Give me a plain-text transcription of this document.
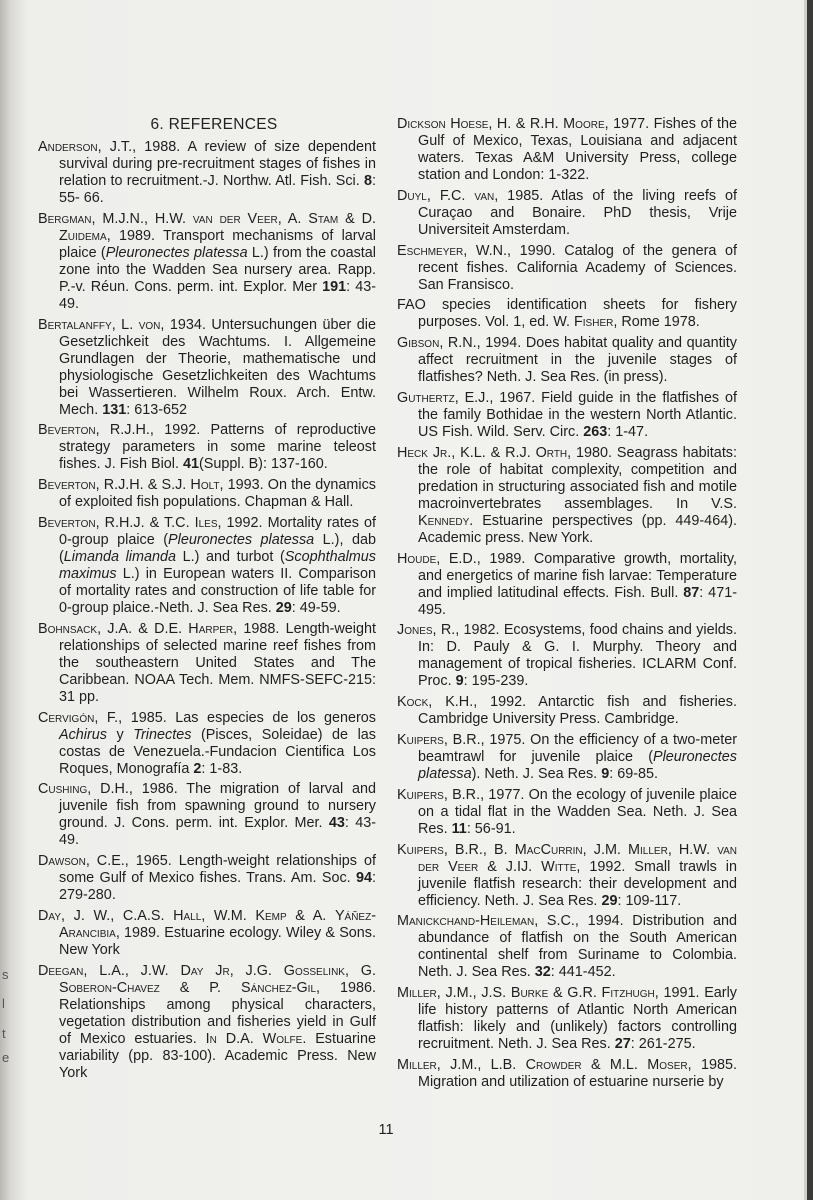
s
l
t
e
6. REFERENCES
Anderson, J.T., 1988. A review of size dependent survival during pre-recruitment stages of fishes in relation to recruitment.-J. Northw. Atl. Fish. Sci. 8: 55- 66.
Bergman, M.J.N., H.W. van der Veer, A. Stam & D. Zuidema, 1989. Transport mechanisms of larval plaice (Pleuronectes platessa L.) from the coastal zone into the Wadden Sea nursery area. Rapp. P.-v. Réun. Cons. perm. int. Explor. Mer 191: 43-49.
Bertalanffy, L. von, 1934. Untersuchungen über die Gesetzlichkeit des Wachtums. I. Allgemeine Grundlagen der Theorie, mathematische und physiologische Gesetzlichkeiten des Wachtums bei Wassertieren. Wilhelm Roux. Arch. Entw. Mech. 131: 613-652
Beverton, R.J.H., 1992. Patterns of reproductive strategy parameters in some marine teleost fishes. J. Fish Biol. 41(Suppl. B): 137-160.
Beverton, R.J.H. & S.J. Holt, 1993. On the dynamics of exploited fish populations. Chapman & Hall.
Beverton, R.H.J. & T.C. Iles, 1992. Mortality rates of 0-group plaice (Pleuronectes platessa L.), dab (Limanda limanda L.) and turbot (Scophthalmus maximus L.) in European waters II. Comparison of mortality rates and construction of life table for 0-group plaice.-Neth. J. Sea Res. 29: 49-59.
Bohnsack, J.A. & D.E. Harper, 1988. Length-weight relationships of selected marine reef fishes from the southeastern United States and The Caribbean. NOAA Tech. Mem. NMFS-SEFC-215: 31 pp.
Cervigón, F., 1985. Las especies de los generos Achirus y Trinectes (Pisces, Soleidae) de las costas de Venezuela.-Fundacion Cientifica Los Roques, Monografía 2: 1-83.
Cushing, D.H., 1986. The migration of larval and juvenile fish from spawning ground to nursery ground. J. Cons. perm. int. Explor. Mer. 43: 43-49.
Dawson, C.E., 1965. Length-weight relationships of some Gulf of Mexico fishes. Trans. Am. Soc. 94: 279-280.
Day, J. W., C.A.S. Hall, W.M. Kemp & A. Yáñez-Arancibia, 1989. Estuarine ecology. Wiley & Sons. New York
Deegan, L.A., J.W. Day Jr, J.G. Gosselink, G. Soberon-Chavez & P. Sánchez-Gil, 1986. Relationships among physical characters, vegetation distribution and fisheries yield in Gulf of Mexico estuaries. In D.A. Wolfe. Estuarine variability (pp. 83-100). Academic Press. New York
Dickson Hoese, H. & R.H. Moore, 1977. Fishes of the Gulf of Mexico, Texas, Louisiana and adjacent waters. Texas A&M University Press, college station and London: 1-322.
Duyl, F.C. van, 1985. Atlas of the living reefs of Curaçao and Bonaire. PhD thesis, Vrije Universiteit Amsterdam.
Eschmeyer, W.N., 1990. Catalog of the genera of recent fishes. California Academy of Sciences. San Fransisco.
FAO species identification sheets for fishery purposes. Vol. 1, ed. W. Fisher, Rome 1978.
Gibson, R.N., 1994. Does habitat quality and quantity affect recruitment in the juvenile stages of flatfishes? Neth. J. Sea Res. (in press).
Guthertz, E.J., 1967. Field guide in the flatfishes of the family Bothidae in the western North Atlantic. US Fish. Wild. Serv. Circ. 263: 1-47.
Heck Jr., K.L. & R.J. Orth, 1980. Seagrass habitats: the role of habitat complexity, competition and predation in structuring associated fish and motile macroinvertebrates assemblages. In V.S. Kennedy. Estuarine perspectives (pp. 449-464). Academic press. New York.
Houde, E.D., 1989. Comparative growth, mortality, and energetics of marine fish larvae: Temperature and implied latitudinal effects. Fish. Bull. 87: 471-495.
Jones, R., 1982. Ecosystems, food chains and yields. In: D. Pauly & G. I. Murphy. Theory and management of tropical fisheries. ICLARM Conf. Proc. 9: 195-239.
Kock, K.H., 1992. Antarctic fish and fisheries. Cambridge University Press. Cambridge.
Kuipers, B.R., 1975. On the efficiency of a two-meter beamtrawl for juvenile plaice (Pleuronectes platessa). Neth. J. Sea Res. 9: 69-85.
Kuipers, B.R., 1977. On the ecology of juvenile plaice on a tidal flat in the Wadden Sea. Neth. J. Sea Res. 11: 56-91.
Kuipers, B.R., B. MacCurrin, J.M. Miller, H.W. van der Veer & J.IJ. Witte, 1992. Small trawls in juvenile flatfish research: their development and efficiency. Neth. J. Sea Res. 29: 109-117.
Manickchand-Heileman, S.C., 1994. Distribution and abundance of flatfish on the South American continental shelf from Suriname to Colombia. Neth. J. Sea Res. 32: 441-452.
Miller, J.M., J.S. Burke & G.R. Fitzhugh, 1991. Early life history patterns of Atlantic North American flatfish: likely and (unlikely) factors controlling recruitment. Neth. J. Sea Res. 27: 261-275.
Miller, J.M., L.B. Crowder & M.L. Moser, 1985. Migration and utilization of estuarine nurserie by
11
